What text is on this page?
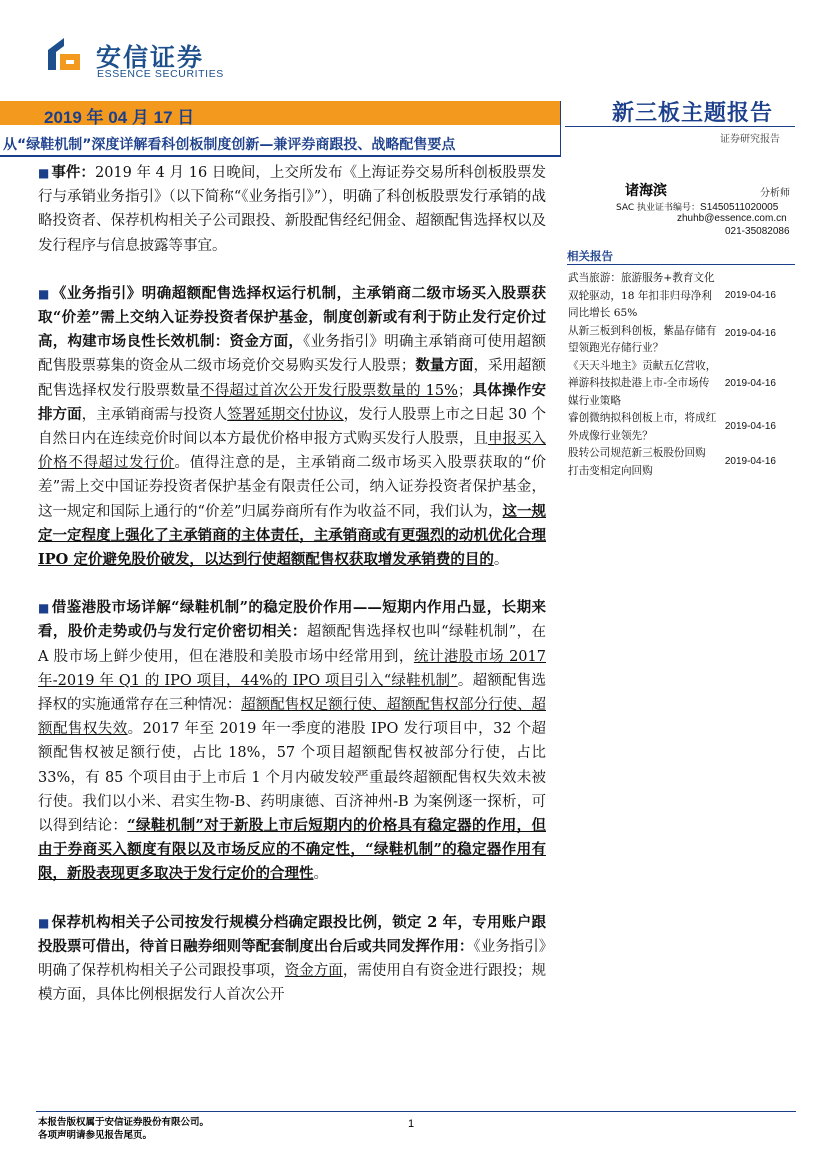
安信证券
ESSENCE SECURITIES
2019 年 04 月 17 日	新三板主题报告
证券研究报告
从“绿鞋机制”深度详解看科创板制度创新—兼评券商跟投、战略配售要点

■ 事件：2019 年 4 月 16 日晚间，上交所发布《上海证券交易所科创板股票发行与承销业务指引》（以下简称“《业务指引》”），明确了科创板股票发行承销的战略投资者、保荐机构相关子公司跟投、新股配售经纪佣金、超额配售选择权以及发行程序与信息披露等事宜。

■ 《业务指引》明确超额配售选择权运行机制，主承销商二级市场买入股票获取“价差”需上交纳入证券投资者保护基金，制度创新或有利于防止发行定价过高，构建市场良性长效机制：资金方面，《业务指引》明确主承销商可使用超额配售股票募集的资金从二级市场竞价交易购买发行人股票；数量方面，采用超额配售选择权发行股票数量不得超过首次公开发行股票数量的 15%；具体操作安排方面，主承销商需与投资人签署延期交付协议，发行人股票上市之日起 30 个自然日内在连续竞价时间以本方最优价格申报方式购买发行人股票，且申报买入价格不得超过发行价。值得注意的是，主承销商二级市场买入股票获取的“价差”需上交中国证券投资者保护基金有限责任公司，纳入证券投资者保护基金，这一规定和国际上通行的“价差”归属券商所有作为收益不同，我们认为，这一规定一定程度上强化了主承销商的主体责任，主承销商或有更强烈的动机优化合理 IPO 定价避免股价破发，以达到行使超额配售权获取增发承销费的目的。

■ 借鉴港股市场详解“绿鞋机制”的稳定股价作用——短期内作用凸显，长期来看，股价走势或仍与发行定价密切相关：超额配售选择权也叫“绿鞋机制”，在 A 股市场上鲜少使用，但在港股和美股市场中经常用到，统计港股市场 2017 年-2019 年 Q1 的 IPO 项目，44%的 IPO 项目引入“绿鞋机制”。超额配售选择权的实施通常存在三种情况：超额配售权足额行使、超额配售权部分行使、超额配售权失效。2017 年至 2019 年一季度的港股 IPO 发行项目中，32 个超额配售权被足额行使，占比 18%，57 个项目超额配售权被部分行使，占比 33%，有 85 个项目由于上市后 1 个月内破发较严重最终超额配售权失效未被行使。我们以小米、君实生物-B、药明康德、百济神州-B 为案例逐一探析，可以得到结论：“绿鞋机制”对于新股上市后短期内的价格具有稳定器的作用，但由于券商买入额度有限以及市场反应的不确定性，“绿鞋机制”的稳定器作用有限，新股表现更多取决于发行定价的合理性。

■ 保荐机构相关子公司按发行规模分档确定跟投比例，锁定 2 年，专用账户跟投股票可借出，待首日融券细则等配套制度出台后或共同发挥作用：《业务指引》明确了保荐机构相关子公司跟投事项，资金方面，需使用自有资金进行跟投；规模方面，具体比例根据发行人首次公开

诸海滨	分析师
SAC 执业证书编号：S1450511020005
zhuhb@essence.com.cn
021-35082086
相关报告
武当旅游：旅游服务+教育文化双轮驱动，18 年扣非归母净利同比增长 65%
2019-04-16
从新三板到科创板，紫晶存储有望领跑光存储行业？
2019-04-16
《天天斗地主》贡献五亿营收，禅游科技拟赴港上市-全市场传媒行业策略
2019-04-16
睿创微纳拟科创板上市，将成红外成像行业领先？
2019-04-16
股转公司规范新三板股份回购 打击变相定向回购
2019-04-16
本报告版权属于安信证券股份有限公司。
各项声明请参见报告尾页。
1
